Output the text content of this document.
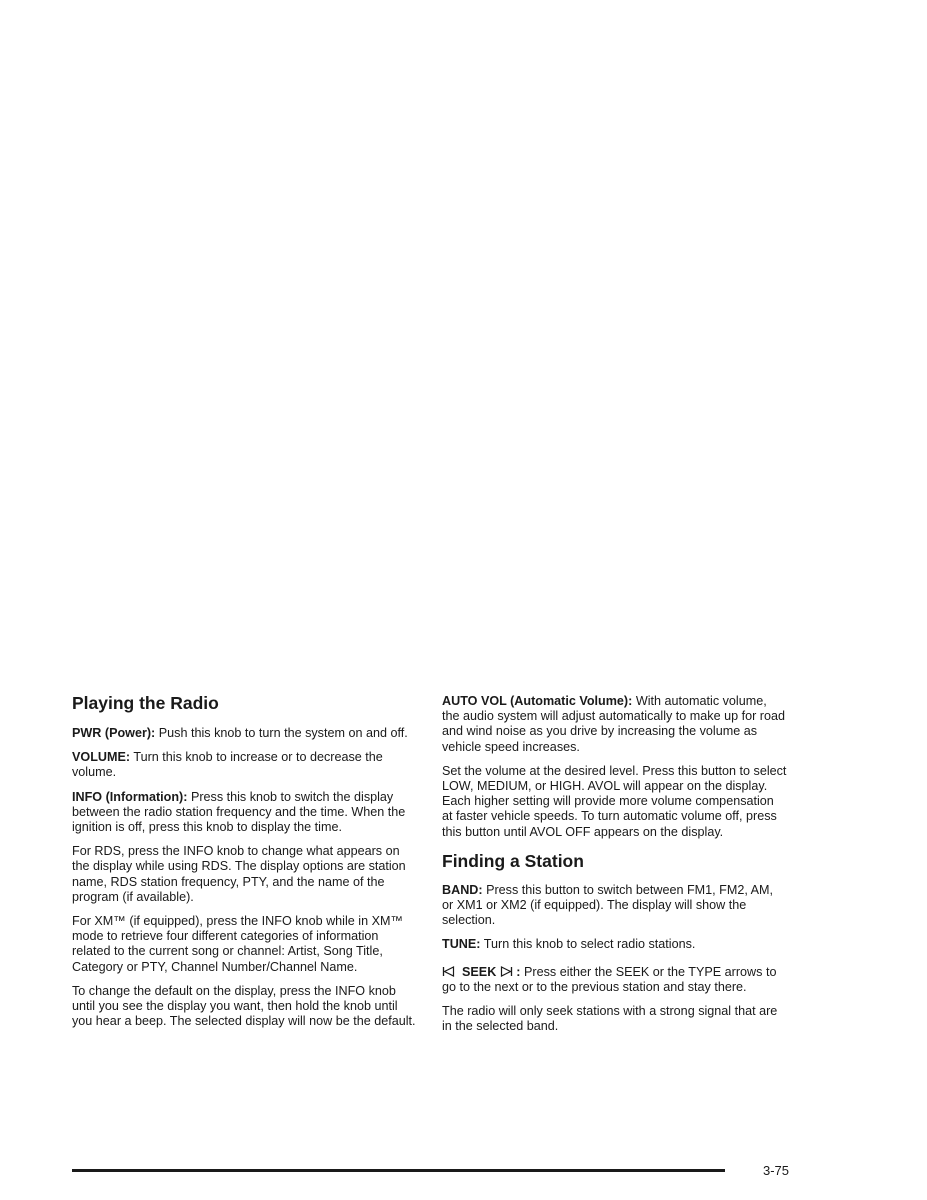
Playing the Radio

PWR (Power): Push this knob to turn the system on and off.

VOLUME: Turn this knob to increase or to decrease the volume.

INFO (Information): Press this knob to switch the display between the radio station frequency and the time. When the ignition is off, press this knob to display the time.

For RDS, press the INFO knob to change what appears on the display while using RDS. The display options are station name, RDS station frequency, PTY, and the name of the program (if available).

For XM™ (if equipped), press the INFO knob while in XM™ mode to retrieve four different categories of information related to the current song or channel: Artist, Song Title, Category or PTY, Channel Number/Channel Name.

To change the default on the display, press the INFO knob until you see the display you want, then hold the knob until you hear a beep. The selected display will now be the default.

AUTO VOL (Automatic Volume): With automatic volume, the audio system will adjust automatically to make up for road and wind noise as you drive by increasing the volume as vehicle speed increases.

Set the volume at the desired level. Press this button to select LOW, MEDIUM, or HIGH. AVOL will appear on the display. Each higher setting will provide more volume compensation at faster vehicle speeds. To turn automatic volume off, press this button until AVOL OFF appears on the display.

Finding a Station

BAND: Press this button to switch between FM1, FM2, AM, or XM1 or XM2 (if equipped). The display will show the selection.

TUNE: Turn this knob to select radio stations.

SEEK : Press either the SEEK or the TYPE arrows to go to the next or to the previous station and stay there.

The radio will only seek stations with a strong signal that are in the selected band.

3-75
